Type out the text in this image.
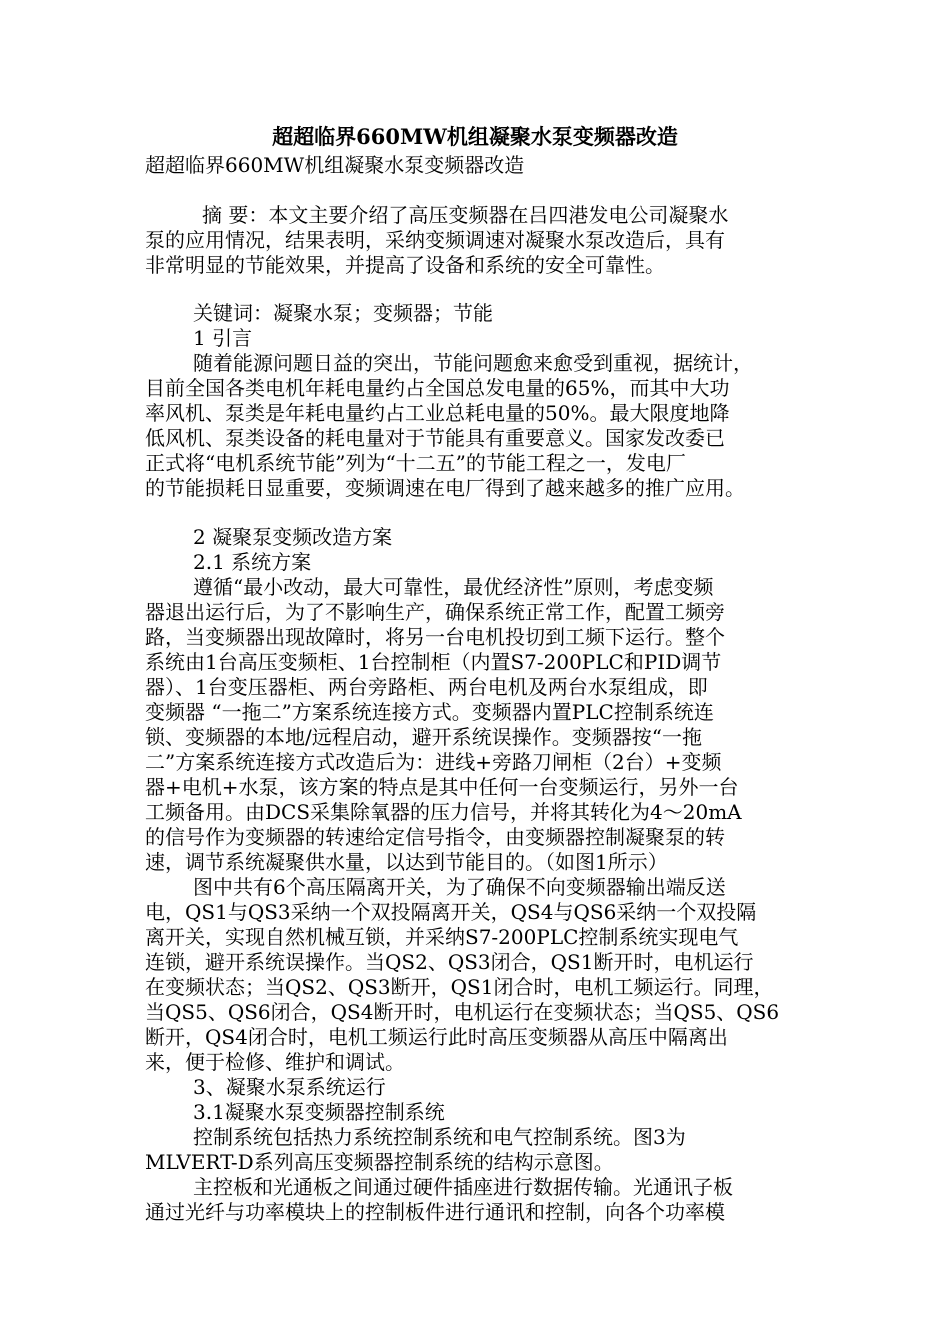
超超临界660MW机组凝聚水泵变频器改造
超超临界660MW机组凝聚水泵变频器改造
摘 要：本文主要介绍了高压变频器在吕四港发电公司凝聚水
泵的应用情况，结果表明，采纳变频调速对凝聚水泵改造后，具有
非常明显的节能效果，并提高了设备和系统的安全可靠性。
关键词：凝聚水泵；变频器；节能
1 引言
随着能源问题日益的突出，节能问题愈来愈受到重视，据统计，
目前全国各类电机年耗电量约占全国总发电量的65%，而其中大功
率风机、泵类是年耗电量约占工业总耗电量的50%。最大限度地降
低风机、泵类设备的耗电量对于节能具有重要意义。国家发改委已
正式将“电机系统节能”列为“十二五”的节能工程之一，发电厂
的节能损耗日显重要，变频调速在电厂得到了越来越多的推广应用。
2 凝聚泵变频改造方案
2.1 系统方案
遵循“最小改动，最大可靠性，最优经济性”原则，考虑变频
器退出运行后，为了不影响生产，确保系统正常工作，配置工频旁
路，当变频器出现故障时，将另一台电机投切到工频下运行。整个
系统由1台高压变频柜、1台控制柜（内置S7-200PLC和PID调节
器）、1台变压器柜、两台旁路柜、两台电机及两台水泵组成，即
变频器 “一拖二”方案系统连接方式。变频器内置PLC控制系统连
锁、变频器的本地/远程启动，避开系统误操作。变频器按“一拖
二”方案系统连接方式改造后为：进线+旁路刀闸柜（2台）+变频
器+电机+水泵，该方案的特点是其中任何一台变频运行，另外一台
工频备用。由DCS采集除氧器的压力信号，并将其转化为4～20mA
的信号作为变频器的转速给定信号指令，由变频器控制凝聚泵的转
速，调节系统凝聚供水量，以达到节能目的。（如图1所示）
图中共有6个高压隔离开关，为了确保不向变频器输出端反送
电，QS1与QS3采纳一个双投隔离开关，QS4与QS6采纳一个双投隔
离开关，实现自然机械互锁，并采纳S7-200PLC控制系统实现电气
连锁，避开系统误操作。当QS2、QS3闭合，QS1断开时，电机运行
在变频状态；当QS2、QS3断开，QS1闭合时，电机工频运行。同理，
当QS5、QS6闭合，QS4断开时，电机运行在变频状态；当QS5、QS6
断开，QS4闭合时，电机工频运行此时高压变频器从高压中隔离出
来，便于检修、维护和调试。
3、凝聚水泵系统运行
3.1凝聚水泵变频器控制系统
控制系统包括热力系统控制系统和电气控制系统。图3为
MLVERT-D系列高压变频器控制系统的结构示意图。
主控板和光通板之间通过硬件插座进行数据传输。光通讯子板
通过光纤与功率模块上的控制板件进行通讯和控制，向各个功率模
